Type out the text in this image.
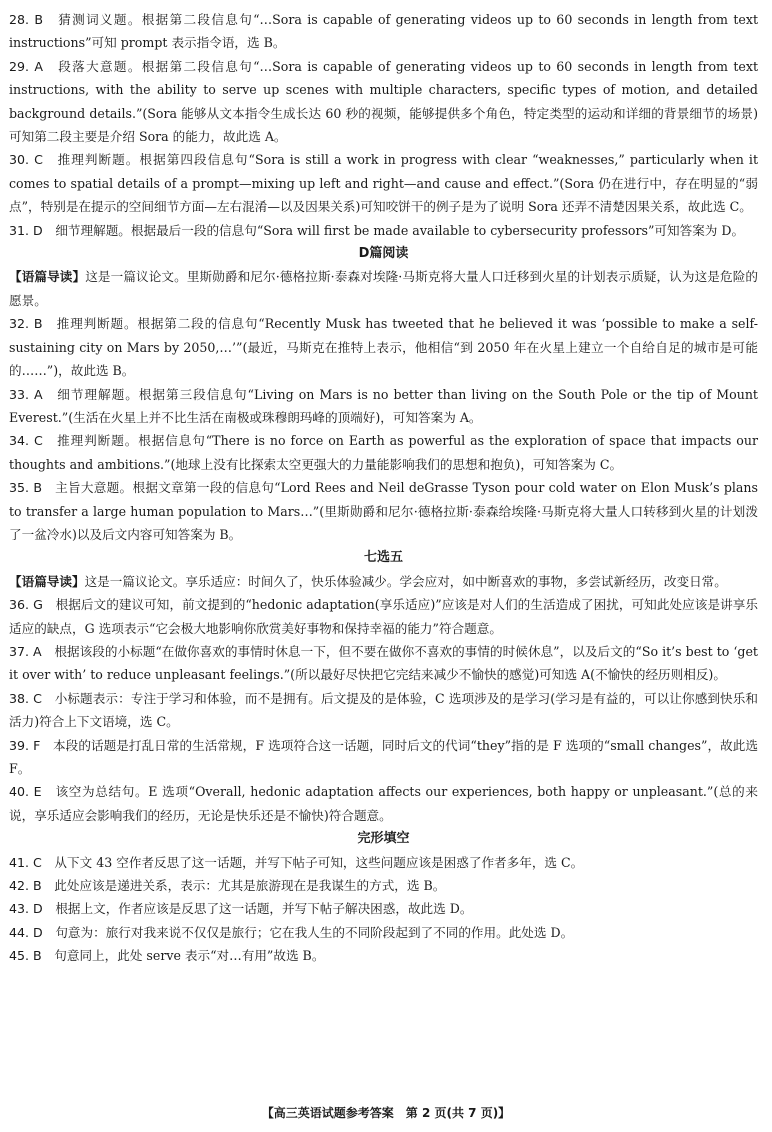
28. B　 猜测词义题。根据第二段信息句“…Sora is capable of generating videos up to 60 seconds in length from text instructions”可知 prompt 表示指令语，选 B。

29. A　 段落大意题。根据第二段信息句“…Sora is capable of generating videos up to 60 seconds in length from text instructions, with the ability to serve up scenes with multiple characters, specific types of motion, and detailed background details.”(Sora 能够从文本指令生成长达 60 秒的视频，能够提供多个角色，特定类型的运动和详细的背景细节的场景)可知第二段主要是介绍 Sora 的能力，故此选 A。

30. C　 推理判断题。根据第四段信息句“Sora is still a work in progress with clear “weaknesses,” particularly when it comes to spatial details of a prompt—mixing up left and right—and cause and effect.”(Sora 仍在进行中，存在明显的“弱点”，特别是在提示的空间细节方面—左右混淆—以及因果关系)可知咬饼干的例子是为了说明 Sora 还弄不清楚因果关系，故此选 C。

31. D　 细节理解题。根据最后一段的信息句“Sora will first be made available to cybersecurity professors”可知答案为 D。

D篇阅读

【语篇导读】这是一篇议论文。里斯勋爵和尼尔·德格拉斯·泰森对埃隆·马斯克将大量人口迁移到火星的计划表示质疑，认为这是危险的愿景。

32. B　 推理判断题。根据第二段的信息句“Recently Musk has tweeted that he believed it was ‘possible to make a self-sustaining city on Mars by 2050,…’”(最近，马斯克在推特上表示，他相信“到 2050 年在火星上建立一个自给自足的城市是可能的……”)，故此选 B。

33. A　 细节理解题。根据第三段信息句“Living on Mars is no better than living on the South Pole or the tip of Mount Everest.”(生活在火星上并不比生活在南极或珠穆朗玛峰的顶端好)，可知答案为 A。

34. C　 推理判断题。根据信息句“There is no force on Earth as powerful as the exploration of space that impacts our thoughts and ambitions.”(地球上没有比探索太空更强大的力量能影响我们的思想和抱负)，可知答案为 C。

35. B　 主旨大意题。根据文章第一段的信息句“Lord Rees and Neil deGrasse Tyson pour cold water on Elon Musk’s plans to transfer a large human population to Mars…”(里斯勋爵和尼尔·德格拉斯·泰森给埃隆·马斯克将大量人口转移到火星的计划泼了一盆冷水)以及后文内容可知答案为 B。

七选五

【语篇导读】这是一篇议论文。享乐适应：时间久了，快乐体验减少。学会应对，如中断喜欢的事物，多尝试新经历，改变日常。

36. G　 根据后文的建议可知，前文提到的“hedonic adaptation(享乐适应)”应该是对人们的生活造成了困扰，可知此处应该是讲享乐适应的缺点，G 选项表示“它会极大地影响你欣赏美好事物和保持幸福的能力”符合题意。

37. A　 根据该段的小标题“在做你喜欢的事情时休息一下，但不要在做你不喜欢的事情的时候休息”，以及后文的“So it’s best to ‘get it over with’ to reduce unpleasant feelings.”(所以最好尽快把它完结来减少不愉快的感觉)可知选 A(不愉快的经历则相反)。

38. C　 小标题表示：专注于学习和体验，而不是拥有。后文提及的是体验，C 选项涉及的是学习(学习是有益的，可以让你感到快乐和活力)符合上下文语境，选 C。

39. F　 本段的话题是打乱日常的生活常规，F 选项符合这一话题，同时后文的代词“they”指的是 F 选项的“small changes”，故此选 F。

40. E　 该空为总结句。E 选项“Overall, hedonic adaptation affects our experiences, both happy or unpleasant.”(总的来说，享乐适应会影响我们的经历，无论是快乐还是不愉快)符合题意。

完形填空

41. C　 从下文 43 空作者反思了这一话题，并写下帖子可知，这些问题应该是困惑了作者多年，选 C。

42. B　 此处应该是递进关系，表示：尤其是旅游现在是我谋生的方式，选 B。

43. D　 根据上文，作者应该是反思了这一话题，并写下帖子解决困惑，故此选 D。

44. D　 句意为：旅行对我来说不仅仅是旅行；它在我人生的不同阶段起到了不同的作用。此处选 D。

45. B　 句意同上，此处 serve 表示“对…有用”故选 B。

【高三英语试题参考答案　第 2 页(共 7 页)】
